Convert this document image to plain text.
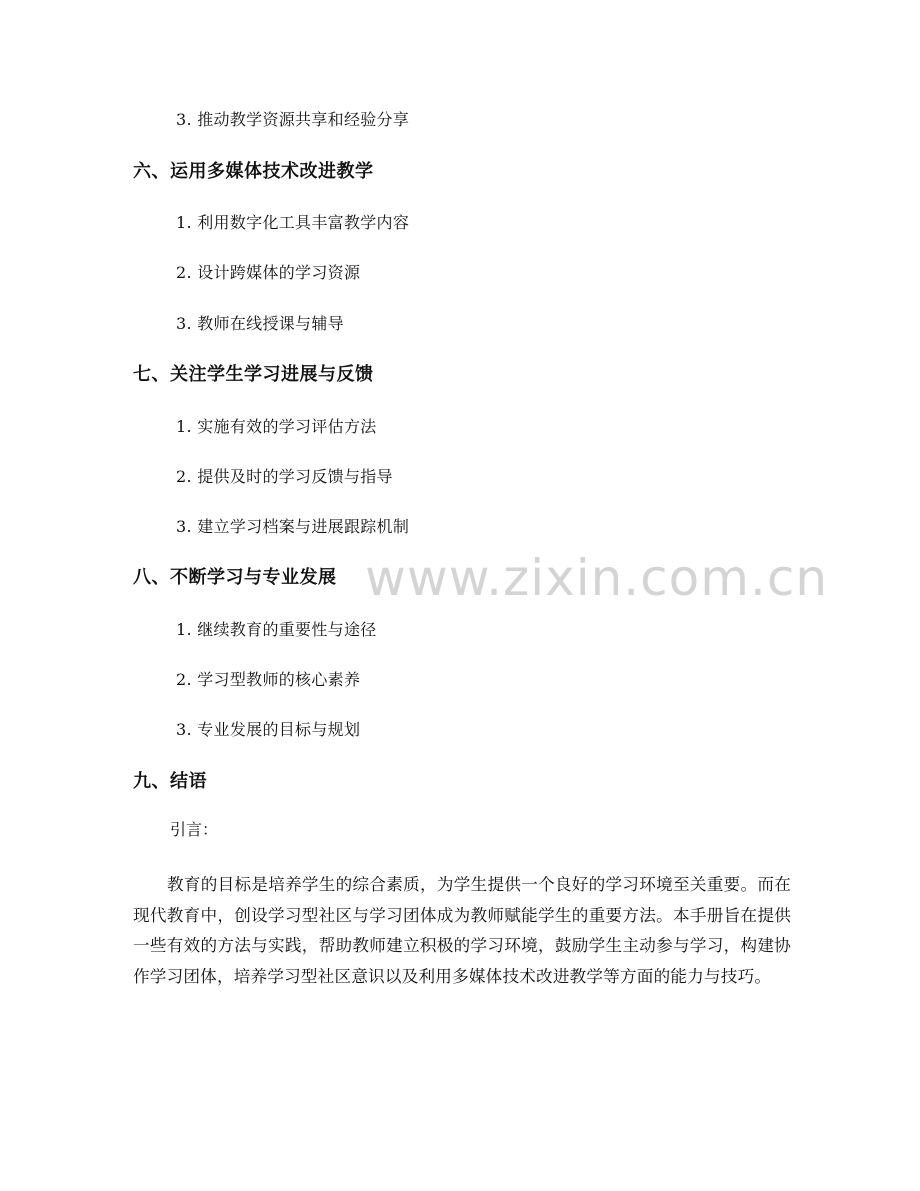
www.zixin.com.cn
3. 推动教学资源共享和经验分享
六、运用多媒体技术改进教学
1. 利用数字化工具丰富教学内容
2. 设计跨媒体的学习资源
3. 教师在线授课与辅导
七、关注学生学习进展与反馈
1. 实施有效的学习评估方法
2. 提供及时的学习反馈与指导
3. 建立学习档案与进展跟踪机制
八、不断学习与专业发展
1. 继续教育的重要性与途径
2. 学习型教师的核心素养
3. 专业发展的目标与规划
九、结语
引言：

教育的目标是培养学生的综合素质，为学生提供一个良好的学习环境至关重要。而在现代教育中，创设学习型社区与学习团体成为教师赋能学生的重要方法。本手册旨在提供一些有效的方法与实践，帮助教师建立积极的学习环境，鼓励学生主动参与学习，构建协作学习团体，培养学习型社区意识以及利用多媒体技术改进教学等方面的能力与技巧。
